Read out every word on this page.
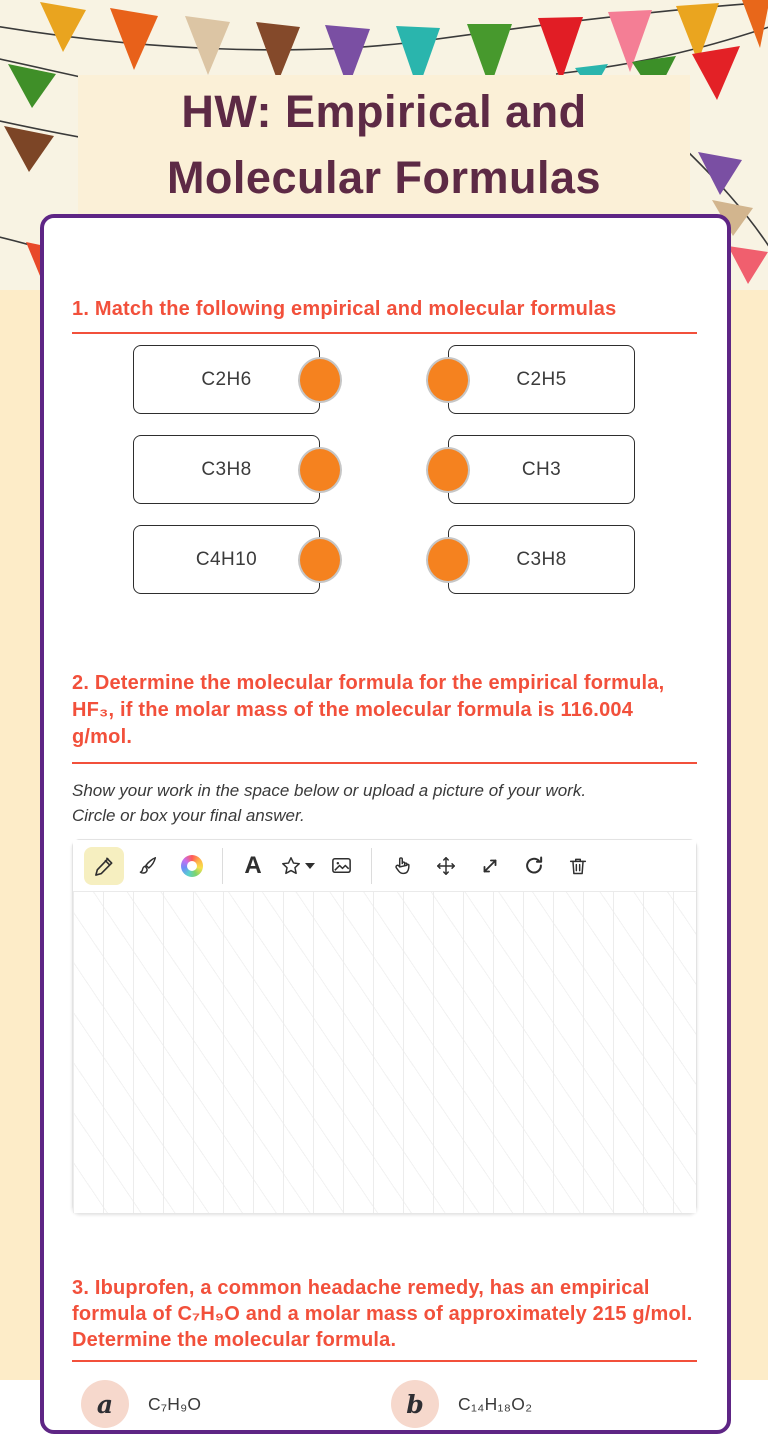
HW: Empirical and Molecular Formulas
1. Match the following empirical and molecular formulas
C2H6	C2H5
C3H8	CH3
C4H10	C3H8
2. Determine the molecular formula for the empirical formula, HF₃, if the molar mass of the molecular formula is 116.004 g/mol.
Show your work in the space below or upload a picture of your work.
Circle or box your final answer.
A
3. Ibuprofen, a common headache remedy, has an empirical formula of C₇H₉O and a molar mass of approximately 215 g/mol. Determine the molecular formula.
a	C₇H₉O	b	C₁₄H₁₈O₂
